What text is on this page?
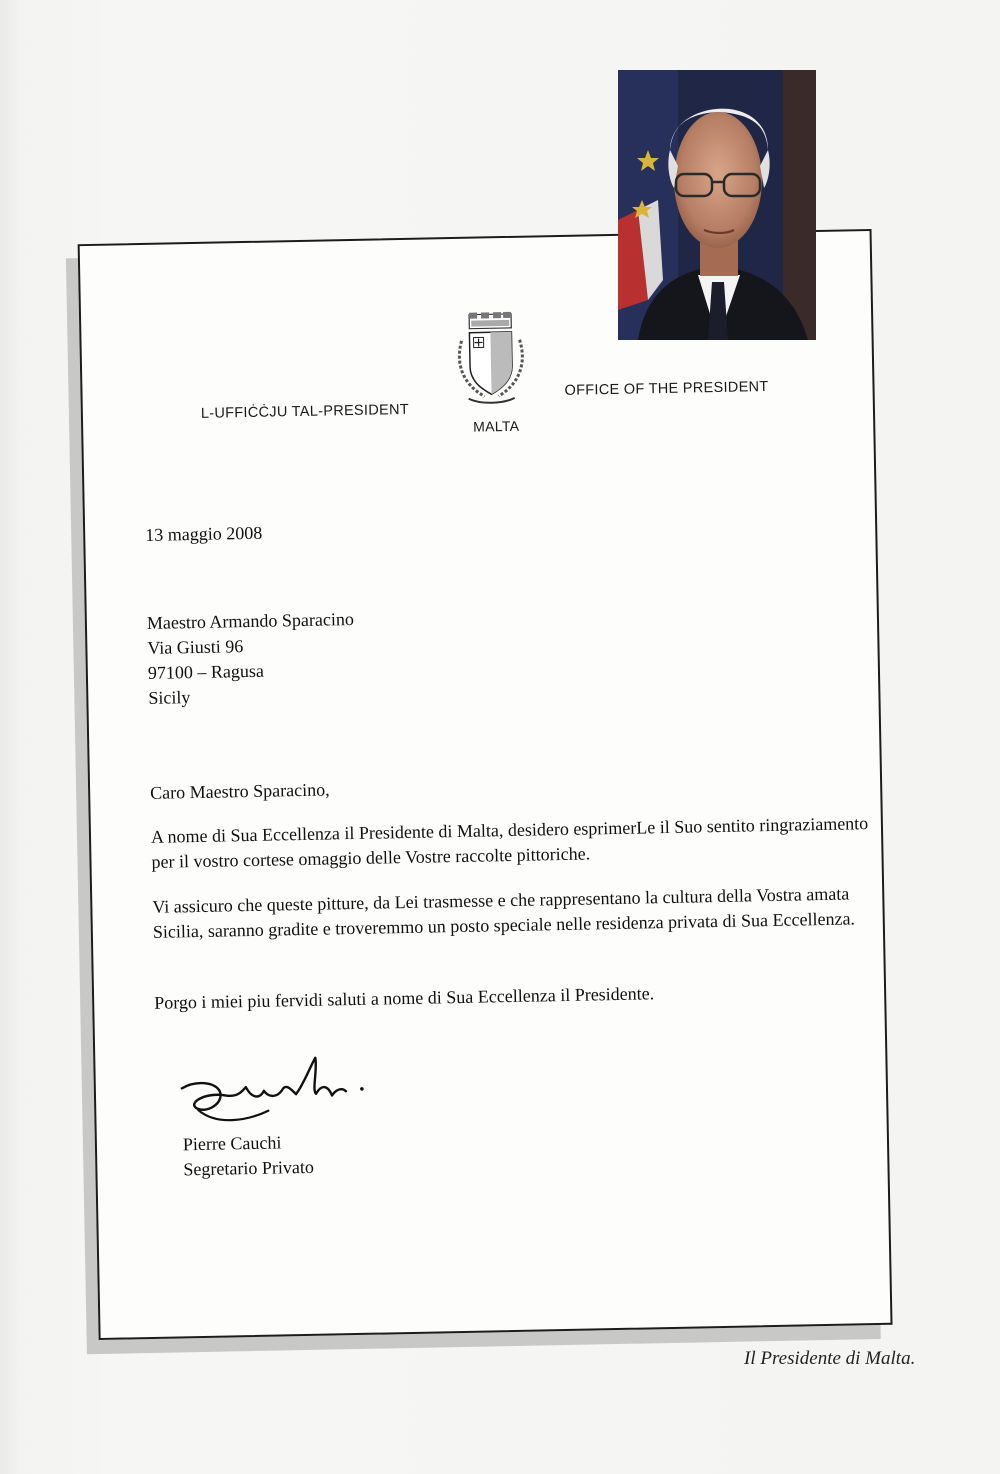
L-UFFIĊĊJU TAL-PRESIDENT
MALTA
OFFICE OF THE PRESIDENT
13 maggio 2008
Maestro Armando Sparacino
Via Giusti 96
97100 – Ragusa
Sicily
Caro Maestro Sparacino,
A nome di Sua Eccellenza il Presidente di Malta, desidero esprimerLe il Suo sentito ringraziamento per il vostro cortese omaggio delle Vostre raccolte pittoriche.
Vi assicuro che queste pitture, da Lei trasmesse e che rappresentano la cultura della Vostra amata Sicilia, saranno gradite e troveremmo un posto speciale nelle residenza privata di Sua Eccellenza.
Porgo i miei piu fervidi saluti a nome di Sua Eccellenza il Presidente.
Pierre Cauchi
Segretario Privato
Il Presidente di Malta.
